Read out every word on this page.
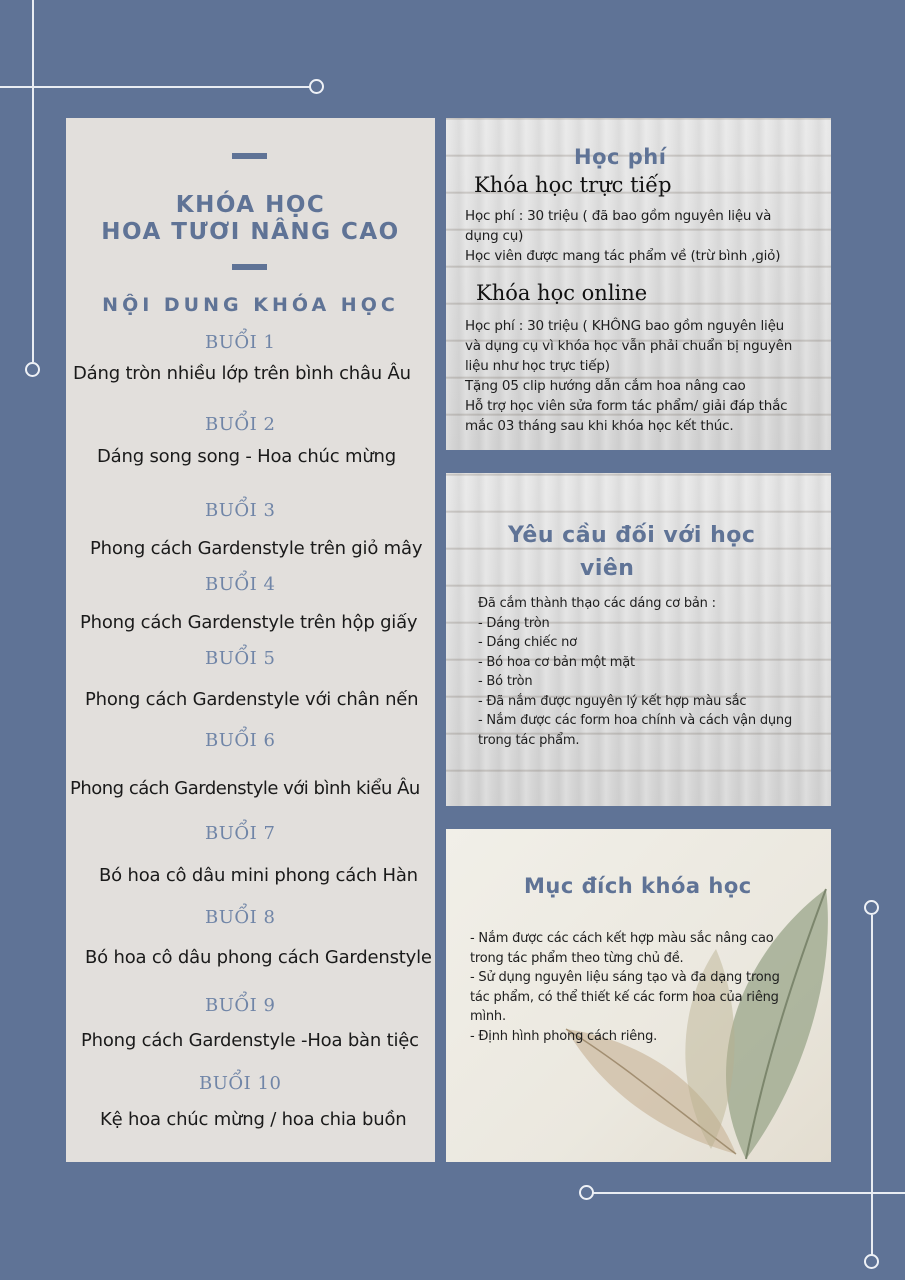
KHÓA HỌC
HOA TƯƠI NÂNG CAO
NỘI DUNG KHÓA HỌC
BUỔI 1
Dáng tròn nhiều lớp trên bình châu Âu
BUỔI 2
Dáng song song - Hoa chúc mừng
BUỔI 3
Phong cách Gardenstyle trên giỏ mây
BUỔI 4
Phong cách Gardenstyle trên hộp giấy
BUỔI 5
Phong cách Gardenstyle với chân nến
BUỔI 6
Phong cách Gardenstyle với bình kiểu Âu
BUỔI 7
Bó hoa cô dâu mini phong cách Hàn
BUỔI 8
Bó hoa cô dâu phong cách Gardenstyle
BUỔI 9
Phong cách Gardenstyle -Hoa bàn tiệc
BUỔI 10
Kệ hoa chúc mừng / hoa chia buồn
Học phí
Khóa học trực tiếp
Học phí : 30 triệu ( đã bao gồm nguyên liệu và
dụng cụ)
Học viên được mang tác phẩm về (trừ bình ,giỏ)
Khóa học online
Học phí : 30 triệu ( KHÔNG bao gồm nguyên liệu
và dụng cụ vì khóa học vẫn phải chuẩn bị nguyên
liệu như học trực tiếp)
Tặng 05 clip hướng dẫn cắm hoa nâng cao
Hỗ trợ học viên sửa form tác phẩm/ giải đáp thắc
mắc 03 tháng sau khi khóa học kết thúc.
Yêu cầu đối với học
viên
Đã cắm thành thạo các dáng cơ bản :
- Dáng tròn
- Dáng chiếc nơ
- Bó hoa cơ bản một mặt
- Bó tròn
- Đã nắm được nguyên lý kết hợp màu sắc
- Nắm được các form hoa chính và cách vận dụng
trong tác phẩm.
Mục đích khóa học
- Nắm được các cách kết hợp màu sắc nâng cao
trong tác phẩm theo từng chủ đề.
- Sử dụng nguyên liệu sáng tạo và đa dạng trong
tác phẩm, có thể thiết kế các form hoa của riêng
mình.
- Định hình phong cách riêng.
